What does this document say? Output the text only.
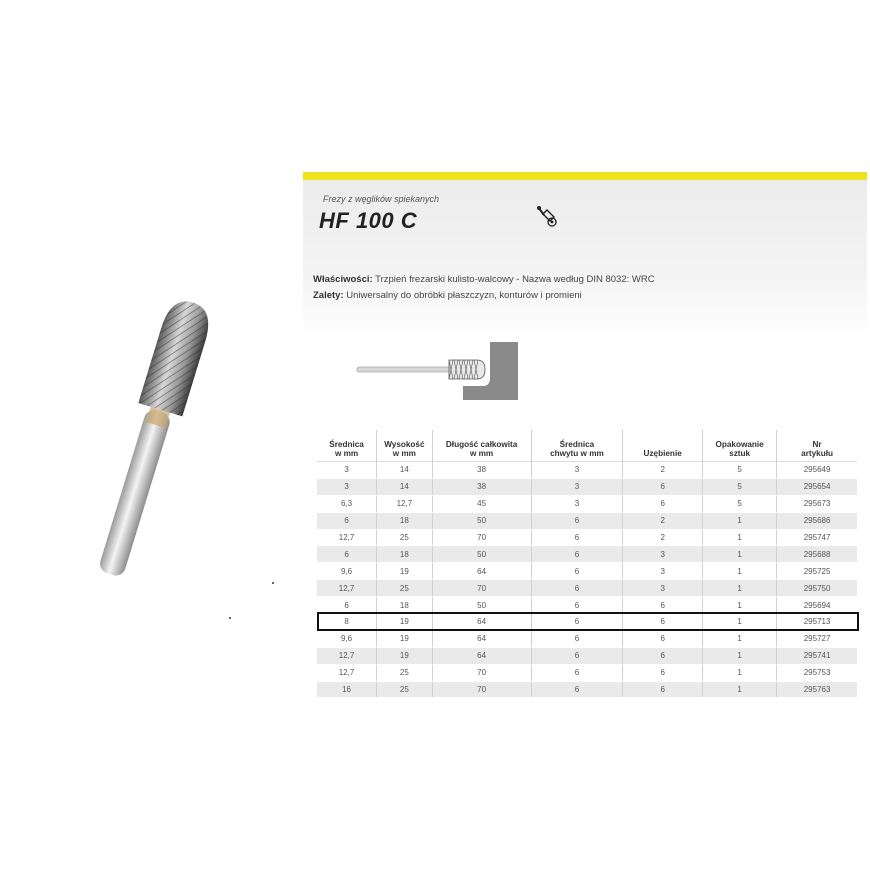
Frezy z węglików spiekanych
HF 100 C
Właściwości: Trzpień frezarski kulisto-walcowy - Nazwa według DIN 8032: WRC
Zalety: Uniwersalny do obróbki płaszczyzn, konturów i promieni
Średnica
w mm	Wysokość
w mm	Długość całkowita
w mm	Średnica
chwytu w mm	Uzębienie	Opakowanie
sztuk	Nr
artykułu
3	14	38	3	2	5	295649
3	14	38	3	6	5	295654
6,3	12,7	45	3	6	5	295673
6	18	50	6	2	1	295686
12,7	25	70	6	2	1	295747
6	18	50	6	3	1	295688
9,6	19	64	6	3	1	295725
12,7	25	70	6	3	1	295750
6	18	50	6	6	1	295694
8	19	64	6	6	1	295713
9,6	19	64	6	6	1	295727
12,7	19	64	6	6	1	295741
12,7	25	70	6	6	1	295753
16	25	70	6	6	1	295763
